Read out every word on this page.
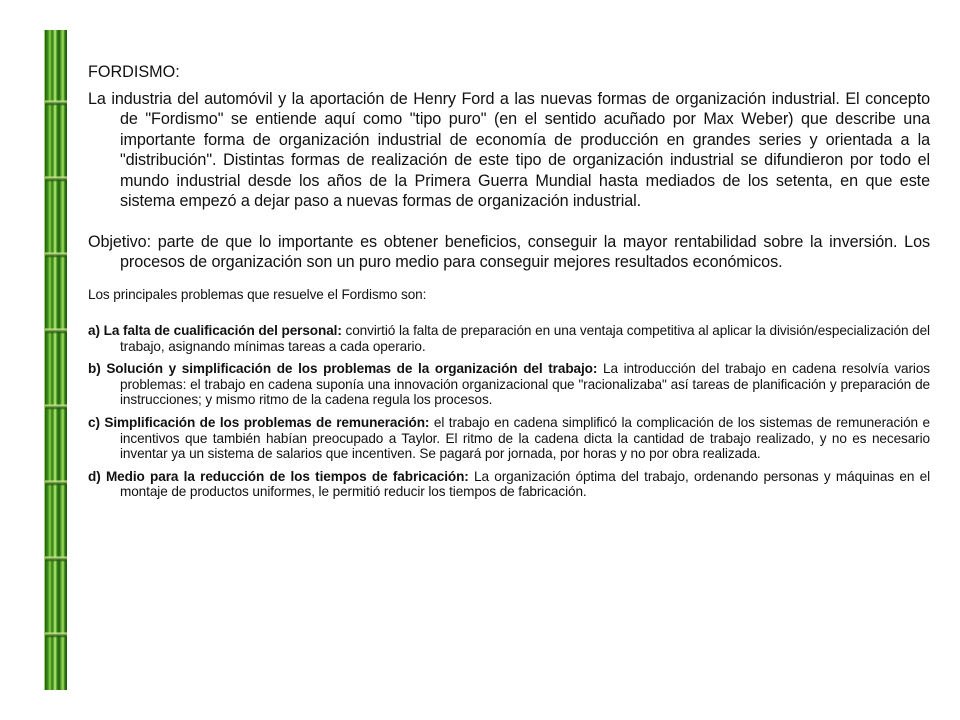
FORDISMO:

La industria del automóvil y la aportación de Henry Ford a las nuevas formas de organización industrial. El concepto de "Fordismo" se entiende aquí como "tipo puro" (en el sentido acuñado por Max Weber) que describe una importante forma de organización industrial de economía de producción en grandes series y orientada a la "distribución". Distintas formas de realización de este tipo de organización industrial se difundieron por todo el mundo industrial desde los años de la Primera Guerra Mundial hasta mediados de los setenta, en que este sistema empezó a dejar paso a nuevas formas de organización industrial.

Objetivo: parte de que lo importante es obtener beneficios, conseguir la mayor rentabilidad sobre la inversión. Los procesos de organización son un puro medio para conseguir mejores resultados económicos.

Los principales problemas que resuelve el Fordismo son:

a) La falta de cualificación del personal: convirtió la falta de preparación en una ventaja competitiva al aplicar la división/especialización del trabajo, asignando mínimas tareas a cada operario.

b) Solución y simplificación de los problemas de la organización del trabajo: La introducción del trabajo en cadena resolvía varios problemas: el trabajo en cadena suponía una innovación organizacional que "racionalizaba" así tareas de planificación y preparación de instrucciones; y mismo ritmo de la cadena regula los procesos.

c) Simplificación de los problemas de remuneración: el trabajo en cadena simplificó la complicación de los sistemas de remuneración e incentivos que también habían preocupado a Taylor. El ritmo de la cadena dicta la cantidad de trabajo realizado, y no es necesario inventar ya un sistema de salarios que incentiven. Se pagará por jornada, por horas y no por obra realizada.

d) Medio para la reducción de los tiempos de fabricación: La organización óptima del trabajo, ordenando personas y máquinas en el montaje de productos uniformes, le permitió reducir los tiempos de fabricación.
